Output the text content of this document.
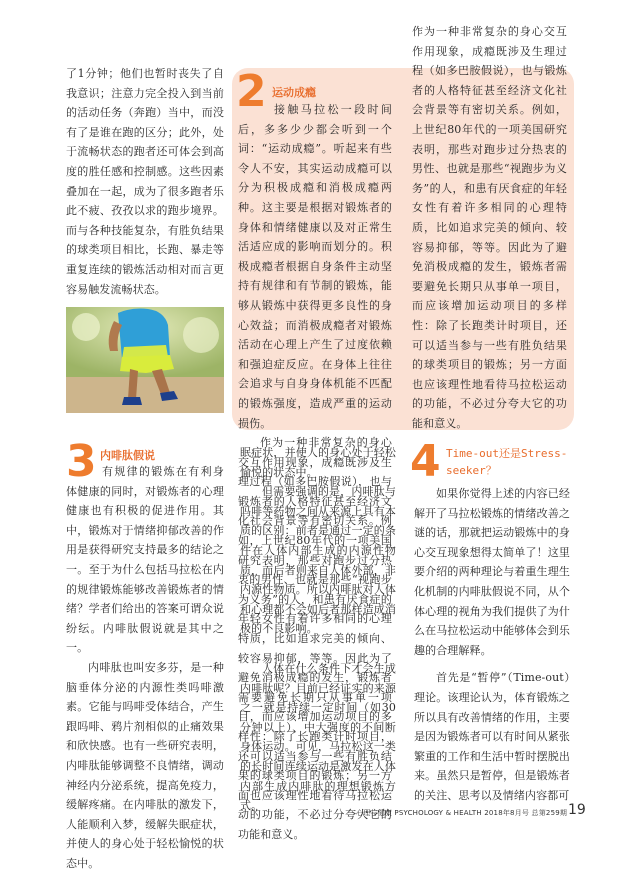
了1分钟；他们也暂时丧失了自我意识；注意力完全投入到当前的活动任务（奔跑）当中，而没有了是谁在跑的区分；此外，处于流畅状态的跑者还可体会到高度的胜任感和控制感。这些因素叠加在一起，成为了很多跑者乐此不疲、孜孜以求的跑步境界。而与各种技能复杂，有胜负结果的球类项目相比，长跑、暴走等重复连续的锻炼活动相对而言更容易触发流畅状态。

2 运动成瘾

接触马拉松一段时间后，多多少少都会听到一个词：“运动成瘾”。听起来有些令人不安，其实运动成瘾可以分为积极成瘾和消极成瘾两种。这主要是根据对锻炼者的身体和情绪健康以及对正常生活适应成的影响而划分的。积极成瘾者根据自身条件主动坚持有规律和有节制的锻炼，能够从锻炼中获得更多良性的身心效益；而消极成瘾者对锻炼活动在心理上产生了过度依赖和强迫症反应。在身体上往往会追求与自身身体机能不匹配的锻炼强度，造成严重的运动损伤。

作为一种非常复杂的身心交互作用现象，成瘾既涉及生理过程（如多巴胺假说），也与锻炼者的人格特征甚至经济文化社会背景等有密切关系。例如，上世纪80年代的一项美国研究表明，那些对跑步过分热衷的男性、也就是那些“视跑步为义务”的人，和患有厌食症的年轻女性有着许多相同的心理特质，比如追求完美的倾向、较容易抑郁，等等。因此为了避免消极成瘾的发生，锻炼者需要避免长期只从事单一项目，而应该增加运动项目的多样性：除了长跑类计时项目，还可以适当参与一些有胜负结果的球类项目的锻炼；另一方面也应该理性地看待马拉松运动的功能，不必过分夸大它的功能和意义。

作为一种非常复杂的身心交互作用现象，成瘾既涉及生理过程（如多巴胺假说），也与锻炼者的人格特征甚至经济文化社会背景等有密切关系。例如，上世纪80年代的一项美国研究表明，那些对跑步过分热衷的男性、也就是那些“视跑步为义务”的人，和患有厌食症的年轻女性有着许多相同的心理特质，比如追求完美的倾向、较容易抑郁，等等。因此为了避免消极成瘾的发生，锻炼者需要避免长期只从事单一项目，而应该增加运动项目的多样性：除了长跑类计时项目，还可以适当参与一些有胜负结果的球类项目的锻炼；另一方面也应该理性地看待马拉松运动的功能，不必过分夸大它的功能和意义。

3 内啡肽假说

有规律的锻炼在有利身体健康的同时，对锻炼者的心理健康也有积极的促进作用。其中，锻炼对于情绪抑郁改善的作用是获得研究支持最多的结论之一。至于为什么包括马拉松在内的规律锻炼能够改善锻炼者的情绪？学者们给出的答案可谓众说纷纭。内啡肽假说就是其中之一。

内啡肽也叫安多芬，是一种脑垂体分泌的内源性类吗啡激素。它能与吗啡受体结合，产生跟吗啡、鸦片剂相似的止痛效果和欣快感。也有一些研究表明，内啡肽能够调整不良情绪，调动神经内分泌系统，提高免疫力，缓解疼痛。在内啡肽的激发下，人能顺利入梦，缓解失眠症状，并使人的身心处于轻松愉悦的状态中。

眠症状，并使人的身心处于轻松愉悦的状态中。

但需要强调的是，内啡肽与吗啡等药物之间从来源上具有本质的区别：前者是通过一定的条件在人体内部生成的内源性物质，而后者则来自人体外部，非内源性物质。所以内啡肽对人体和心理都不会如后者那样造成消极的不良影响。

人体在什么条件下才会生成内啡肽呢？目前已经证实的来源之一就是持续一定时间（如30分钟以上）、中大强度的不间断身体运动。可见，马拉松这一类的长时间连续运动是激发在人体内部生成内啡肽的理想锻炼方式。

4 Time-out还是Stress-seeker？

如果你觉得上述的内容已经解开了马拉松锻炼的情绪改善之谜的话，那就把运动锻炼中的身心交互现象想得太简单了！这里要介绍的两种理论与着重生理生化机制的内啡肽假说不同，从个体心理的视角为我们提供了为什么在马拉松运动中能够体会到乐趣的合理解释。

首先是“暂停”（Time-out）理论。该理论认为，体育锻炼之所以具有改善情绪的作用，主要是因为锻炼者可以有时间从紧张繁重的工作和生活中暂时摆脱出来。虽然只是暂停，但是锻炼者的关注、思考以及情绪内容都可

心理与健康 PSYCHOLOGY & HEALTH 2018年8月号 总第259期 19
